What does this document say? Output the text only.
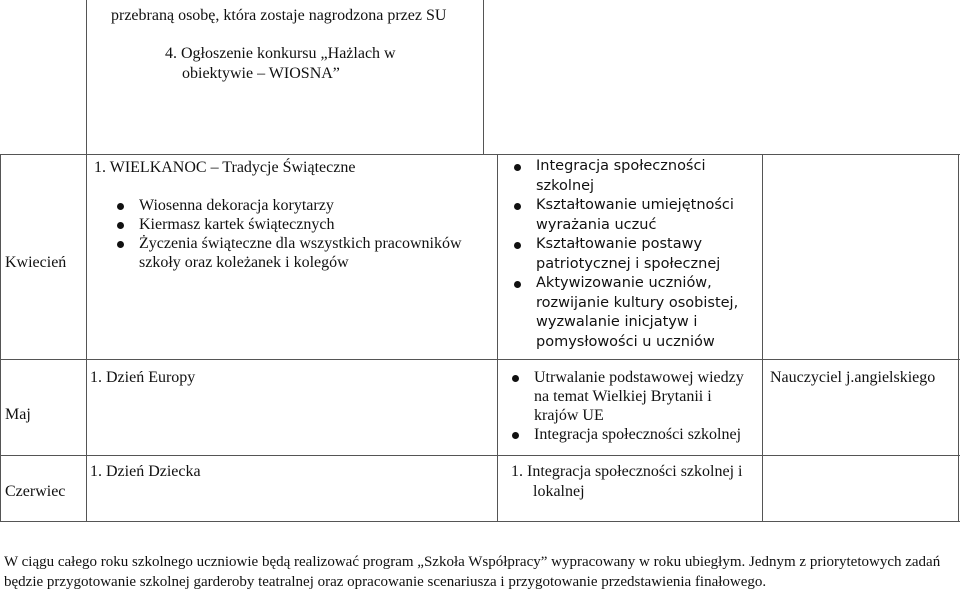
przebraną osobę, która zostaje nagrodzona przez SU
4. Ogłoszenie konkursu „Hażlach w
obiektywie – WIOSNA”
Kwiecień
1. WIELKANOC – Tradycje Świąteczne
Wiosenna dekoracja korytarzy
Kiermasz kartek świątecznych
Życzenia świąteczne dla wszystkich pracowników szkoły oraz koleżanek i kolegów
Integracja społeczności szkolnej
Kształtowanie umiejętności wyrażania uczuć
Kształtowanie postawy patriotycznej i społecznej
Aktywizowanie uczniów, rozwijanie kultury osobistej, wyzwalanie inicjatyw i pomysłowości u uczniów
Maj
1. Dzień Europy	Utrwalanie podstawowej wiedzy na temat Wielkiej Brytanii i krajów UE
Integracja społeczności szkolnej
Nauczyciel j.angielskiego
Czerwiec
1. Dzień Dziecka	1. Integracja społeczności szkolnej i
lokalnej
W ciągu całego roku szkolnego uczniowie będą realizować program „Szkoła Współpracy” wypracowany w roku ubiegłym. Jednym z priorytetowych zadań
będzie przygotowanie szkolnej garderoby teatralnej oraz opracowanie scenariusza i przygotowanie przedstawienia finałowego.
